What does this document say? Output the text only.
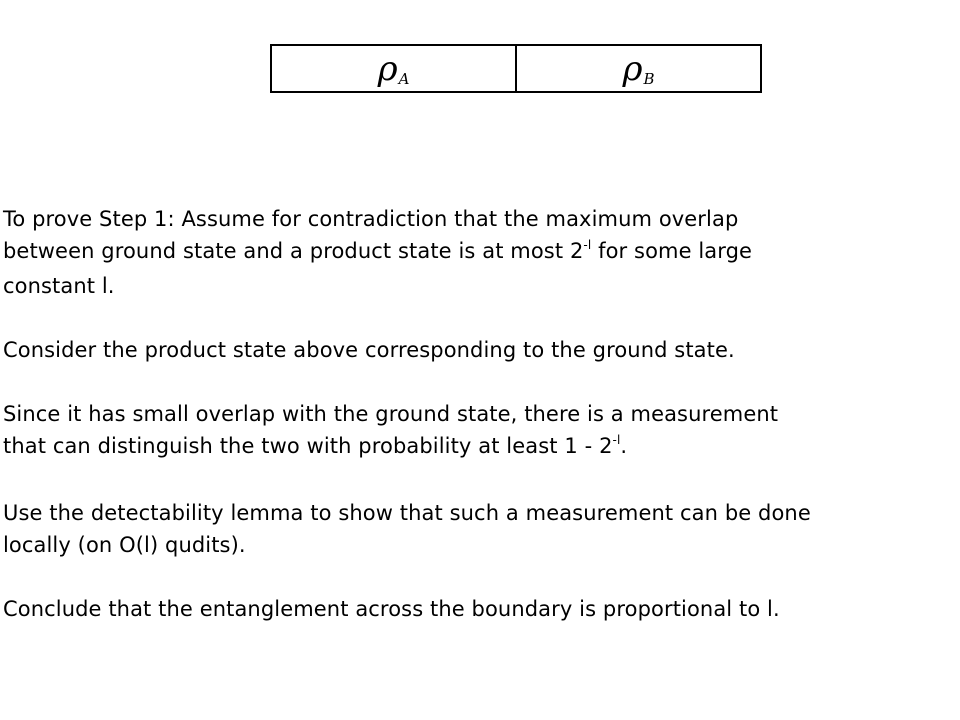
ρ A	ρ B
To prove Step 1: Assume for contradiction that the maximum overlap
between ground state and a product state is at most $2^{-l}$ for some large
constant l.
Consider the product state above corresponding to the ground state.
Since it has small overlap with the ground state, there is a measurement
that can distinguish the two with probability at least $1 - 2^{-l}$.
Use the detectability lemma to show that such a measurement can be done
locally (on O(l) qudits).
Conclude that the entanglement across the boundary is proportional to l.
